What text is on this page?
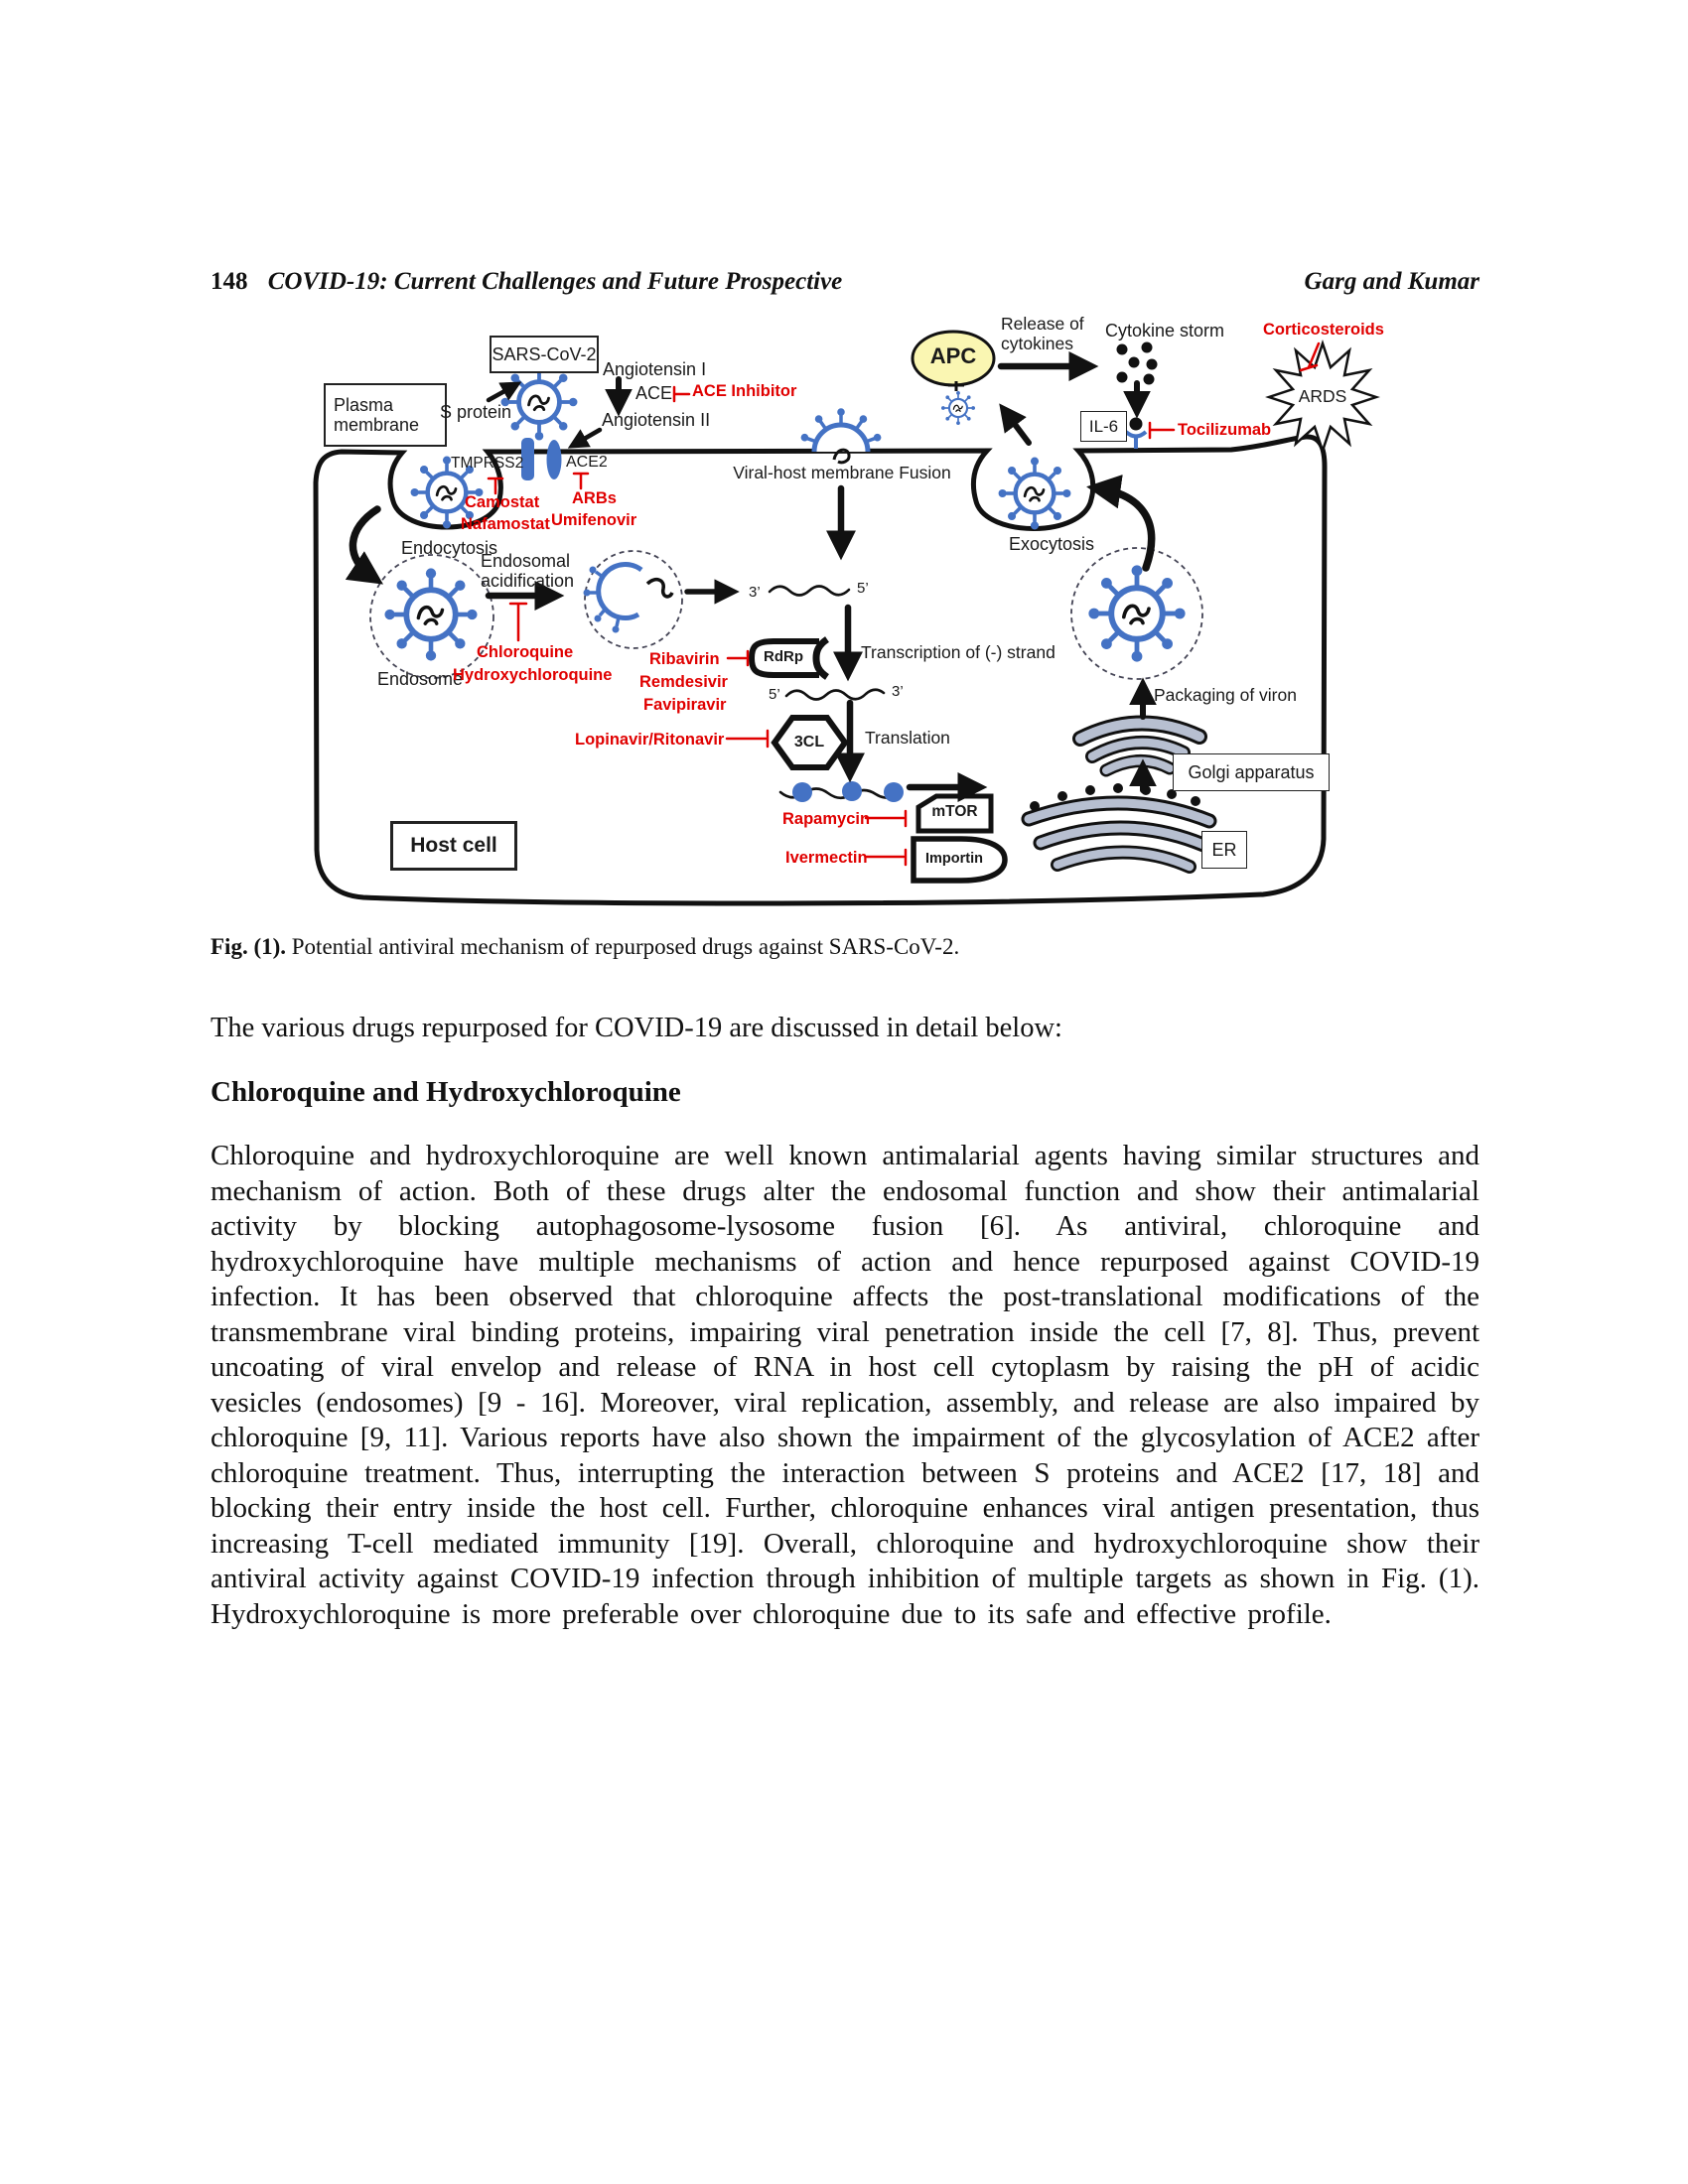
148 COVID-19: Current Challenges and Future Prospective	Garg and Kumar
SARS-CoV-2
Plasma membrane	IL-6
Golgi apparatus
ER
Host cell
S protein
Angiotensin I
ACE
Angiotensin II
TMPRSS2	ACE2
Viral-host membrane Fusion
Endocytosis
Endosome
Endosomal acidification
Transcription of (-) strand
Translation
Packaging of viron
Exocytosis
Cytokine storm
Release of cytokines
3’	5’
5’	3’
ACE Inhibitor
Camostat
Nafamostat
ARBs
Umifenovir
Chloroquine
Hydroxychloroquine
Ribavirin
Remdesivir
Favipiravir
Lopinavir/Ritonavir
Rapamycin
Ivermectin
Tocilizumab
Corticosteroids
RdRp
3CL
mTOR
Importin
APC
ARDS
Fig. (1). Potential antiviral mechanism of repurposed drugs against SARS-CoV-2.
The various drugs repurposed for COVID-19 are discussed in detail below:
Chloroquine and Hydroxychloroquine
Chloroquine and hydroxychloroquine are well known antimalarial agents having similar structures and mechanism of action. Both of these drugs alter the endosomal function and show their antimalarial activity by blocking autophagosome-lysosome fusion [6]. As antiviral, chloroquine and hydroxychloroquine have multiple mechanisms of action and hence repurposed against COVID-19 infection. It has been observed that chloroquine affects the post-translational modifications of the transmembrane viral binding proteins, impairing viral penetration inside the cell [7, 8]. Thus, prevent uncoating of viral envelop and release of RNA in host cell cytoplasm by raising the pH of acidic vesicles (endosomes) [9 - 16]. Moreover, viral replication, assembly, and release are also impaired by chloroquine [9, 11]. Various reports have also shown the impairment of the glycosylation of ACE2 after chloroquine treatment. Thus, interrupting the interaction between S proteins and ACE2 [17, 18] and blocking their entry inside the host cell. Further, chloroquine enhances viral antigen presentation, thus increasing T-cell mediated immunity [19]. Overall, chloroquine and hydroxychloroquine show their antiviral activity against COVID-19 infection through inhibition of multiple targets as shown in Fig. (1). Hydroxychloroquine is more preferable over chloroquine due to its safe and effective profile.
